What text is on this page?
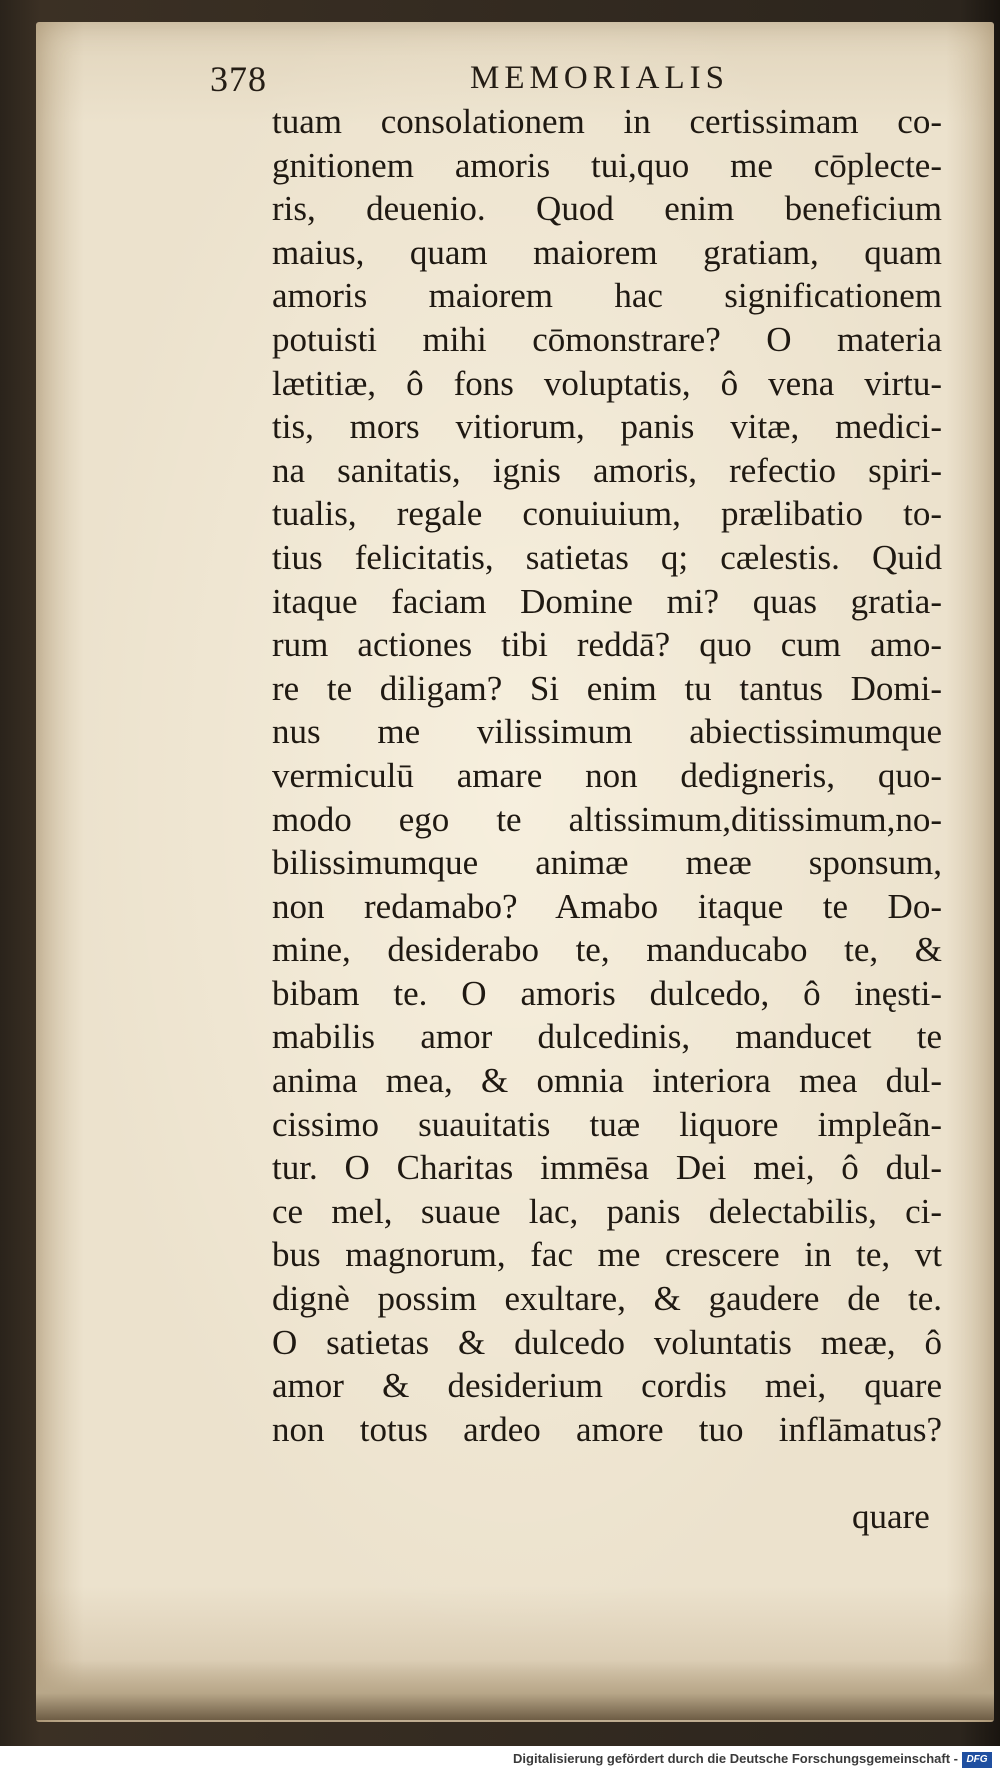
378	MEMORIALIS
tuam consolationem in certissimam co-
gnitionem amoris tui,quo me cōplecte-
ris, deuenio. Quod enim beneficium
maius, quam maiorem gratiam, quam
amoris maiorem hac significationem
potuisti mihi cōmonstrare? O materia
lætitiæ, ô fons voluptatis, ô vena virtu-
tis, mors vitiorum, panis vitæ, medici-
na sanitatis, ignis amoris, refectio spiri-
tualis, regale conuiuium, prælibatio to-
tius felicitatis, satietas q; cælestis. Quid
itaque faciam Domine mi? quas gratia-
rum actiones tibi reddā? quo cum amo-
re te diligam? Si enim tu tantus Domi-
nus me vilissimum abiectissimumque
vermiculū amare non dedigneris, quo-
modo ego te altissimum,ditissimum,no-
bilissimumque animæ meæ sponsum,
non redamabo? Amabo itaque te Do-
mine, desiderabo te, manducabo te, &
bibam te. O amoris dulcedo, ô inęsti-
mabilis amor dulcedinis, manducet te
anima mea, & omnia interiora mea dul-
cissimo suauitatis tuæ liquore impleãn-
tur. O Charitas immēsa Dei mei, ô dul-
ce mel, suaue lac, panis delectabilis, ci-
bus magnorum, fac me crescere in te, vt
dignè possim exultare, & gaudere de te.
O satietas & dulcedo voluntatis meæ, ô
amor & desiderium cordis mei, quare
non totus ardeo amore tuo inflāmatus?
quare
Digitalisierung gefördert durch die Deutsche Forschungsgemeinschaft - DFG
